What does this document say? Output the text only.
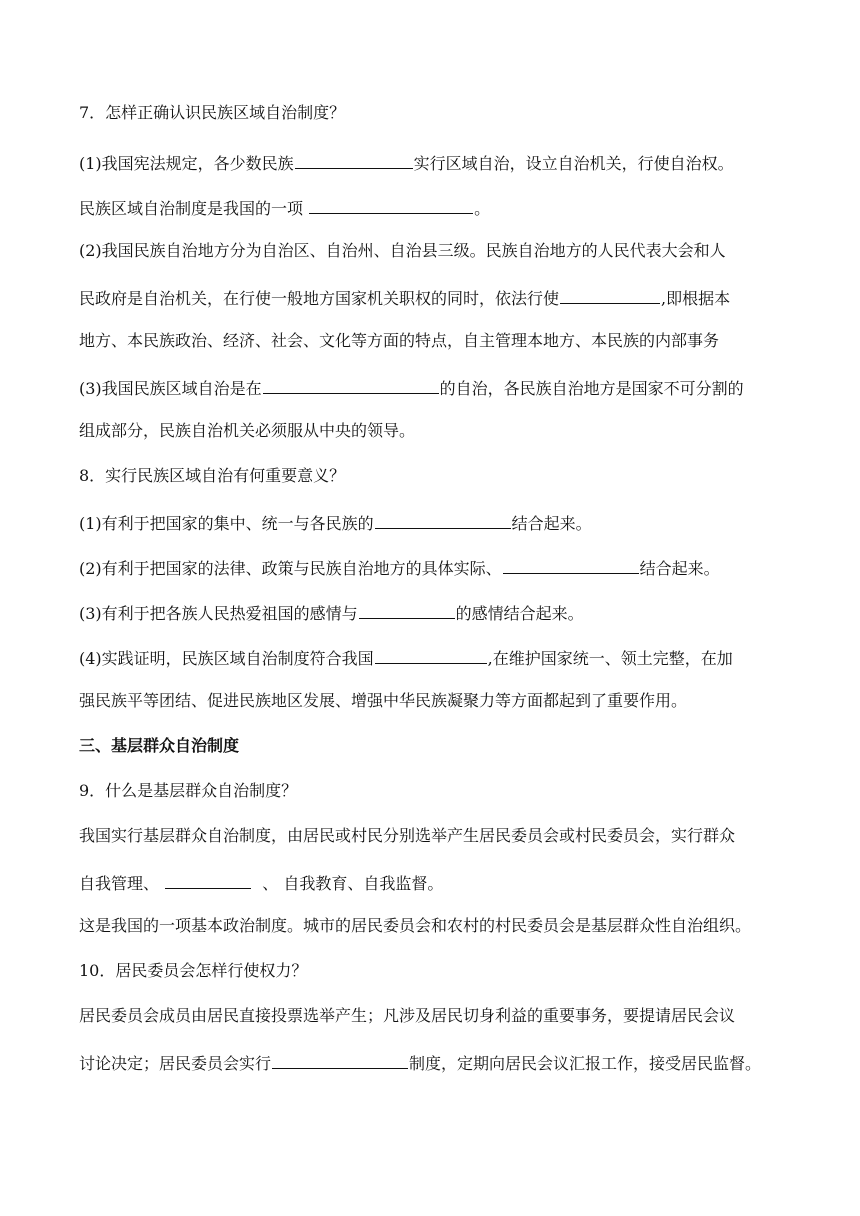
7．怎样正确认识民族区域自治制度？
(1)我国宪法规定，各少数民族	实行区域自治，设立自治机关，行使自治权。
民族区域自治制度是我国的一项	。
(2)我国民族自治地方分为自治区、自治州、自治县三级。民族自治地方的人民代表大会和人
民政府是自治机关，在行使一般地方国家机关职权的同时，依法行使	,即根据本
地方、本民族政治、经济、社会、文化等方面的特点，自主管理本地方、本民族的内部事务
(3)我国民族区域自治是在	的自治，各民族自治地方是国家不可分割的
组成部分，民族自治机关必须服从中央的领导。
8．实行民族区域自治有何重要意义？
(1)有利于把国家的集中、统一与各民族的	结合起来。
(2)有利于把国家的法律、政策与民族自治地方的具体实际、	结合起来。
(3)有利于把各族人民热爱祖国的感情与	的感情结合起来。
(4)实践证明，民族区域自治制度符合我国	,在维护国家统一、领土完整，在加
强民族平等团结、促进民族地区发展、增强中华民族凝聚力等方面都起到了重要作用。
三、基层群众自治制度
9．什么是基层群众自治制度？
我国实行基层群众自治制度，由居民或村民分别选举产生居民委员会或村民委员会，实行群众
自我管理、	、 自我教育、自我监督。
这是我国的一项基本政治制度。城市的居民委员会和农村的村民委员会是基层群众性自治组织。
10．居民委员会怎样行使权力？
居民委员会成员由居民直接投票选举产生；凡涉及居民切身利益的重要事务，要提请居民会议
讨论决定；居民委员会实行	制度，定期向居民会议汇报工作，接受居民监督。
